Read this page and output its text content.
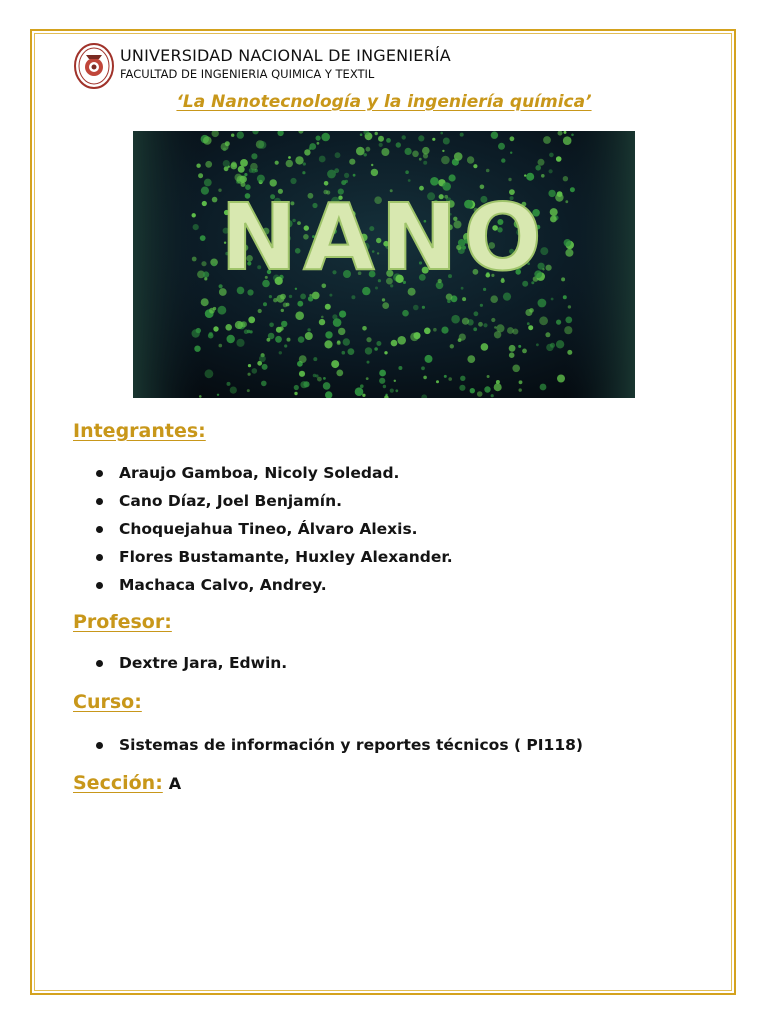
UNIVERSIDAD NACIONAL DE INGENIERÍA
FACULTAD DE INGENIERIA QUIMICA Y TEXTIL
‘La Nanotecnología y la ingeniería química’
NANO
Integrantes:
Araujo Gamboa, Nicoly Soledad.
Cano Díaz, Joel Benjamín.
Choquejahua Tineo, Álvaro Alexis.
Flores Bustamante, Huxley Alexander.
Machaca Calvo, Andrey.
Profesor:
Dextre Jara, Edwin.
Curso:
Sistemas de información y reportes técnicos ( PI118)
Sección: A
